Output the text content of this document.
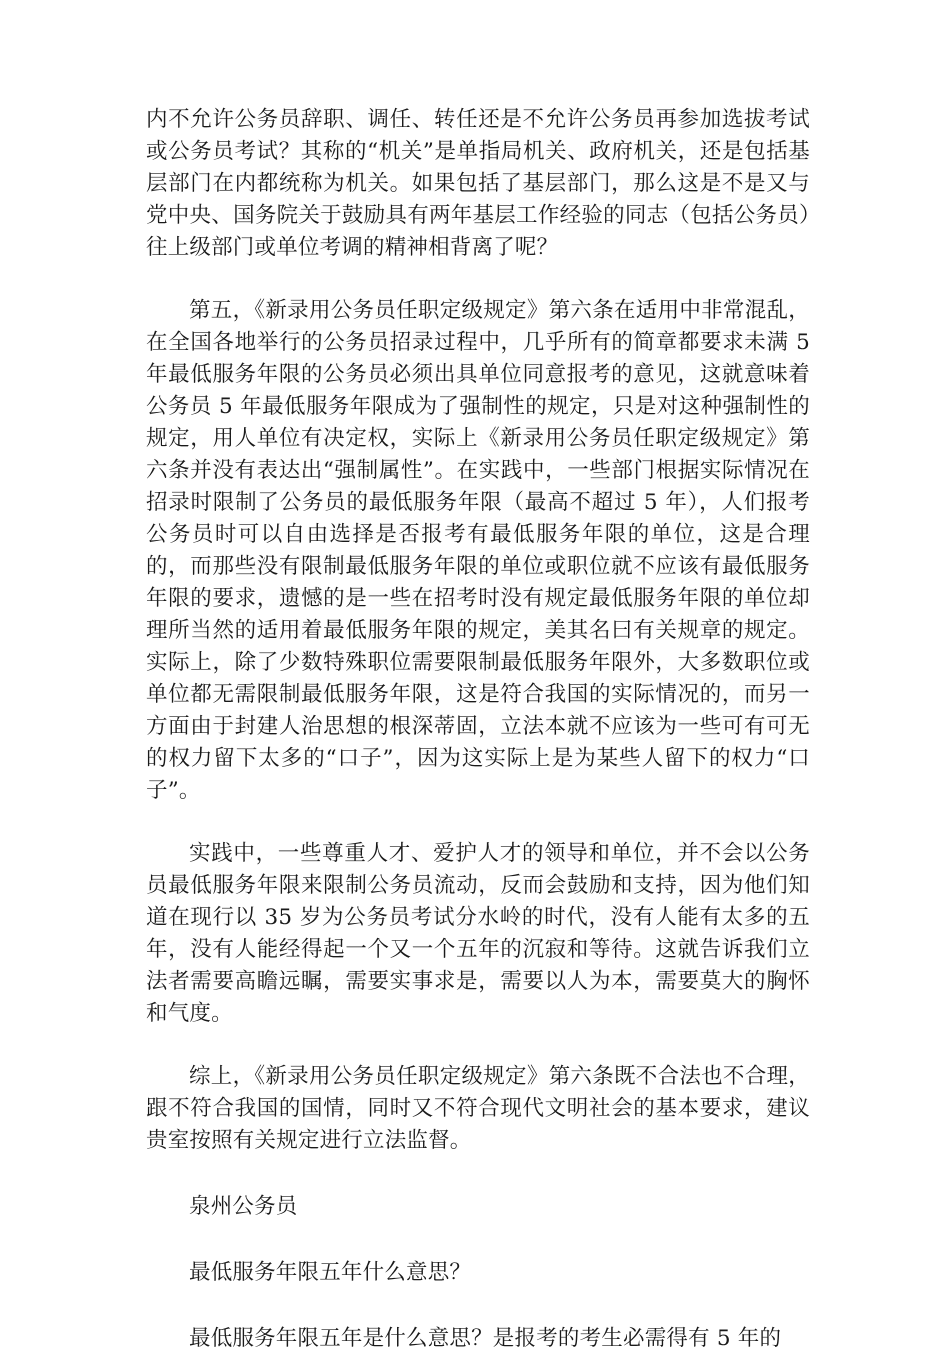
内不允许公务员辞职、调任、转任还是不允许公务员再参加选拔考试或公务员考试？其称的“机关”是单指局机关、政府机关，还是包括基层部门在内都统称为机关。如果包括了基层部门，那么这是不是又与党中央、国务院关于鼓励具有两年基层工作经验的同志（包括公务员）往上级部门或单位考调的精神相背离了呢？

第五，《新录用公务员任职定级规定》第六条在适用中非常混乱，在全国各地举行的公务员招录过程中，几乎所有的简章都要求未满 5 年最低服务年限的公务员必须出具单位同意报考的意见，这就意味着公务员 5 年最低服务年限成为了强制性的规定，只是对这种强制性的规定，用人单位有决定权，实际上《新录用公务员任职定级规定》第六条并没有表达出“强制属性”。在实践中，一些部门根据实际情况在招录时限制了公务员的最低服务年限（最高不超过 5 年），人们报考公务员时可以自由选择是否报考有最低服务年限的单位，这是合理的，而那些没有限制最低服务年限的单位或职位就不应该有最低服务年限的要求，遗憾的是一些在招考时没有规定最低服务年限的单位却理所当然的适用着最低服务年限的规定，美其名曰有关规章的规定。实际上，除了少数特殊职位需要限制最低服务年限外，大多数职位或单位都无需限制最低服务年限，这是符合我国的实际情况的，而另一方面由于封建人治思想的根深蒂固，立法本就不应该为一些可有可无的权力留下太多的“口子”，因为这实际上是为某些人留下的权力“口子”。

实践中，一些尊重人才、爱护人才的领导和单位，并不会以公务员最低服务年限来限制公务员流动，反而会鼓励和支持，因为他们知道在现行以 35 岁为公务员考试分水岭的时代，没有人能有太多的五年，没有人能经得起一个又一个五年的沉寂和等待。这就告诉我们立法者需要高瞻远瞩，需要实事求是，需要以人为本，需要莫大的胸怀和气度。

综上，《新录用公务员任职定级规定》第六条既不合法也不合理，跟不符合我国的国情，同时又不符合现代文明社会的基本要求，建议贵室按照有关规定进行立法监督。

泉州公务员

最低服务年限五年什么意思？

最低服务年限五年是什么意思？是报考的考生必需得有 5 年的
